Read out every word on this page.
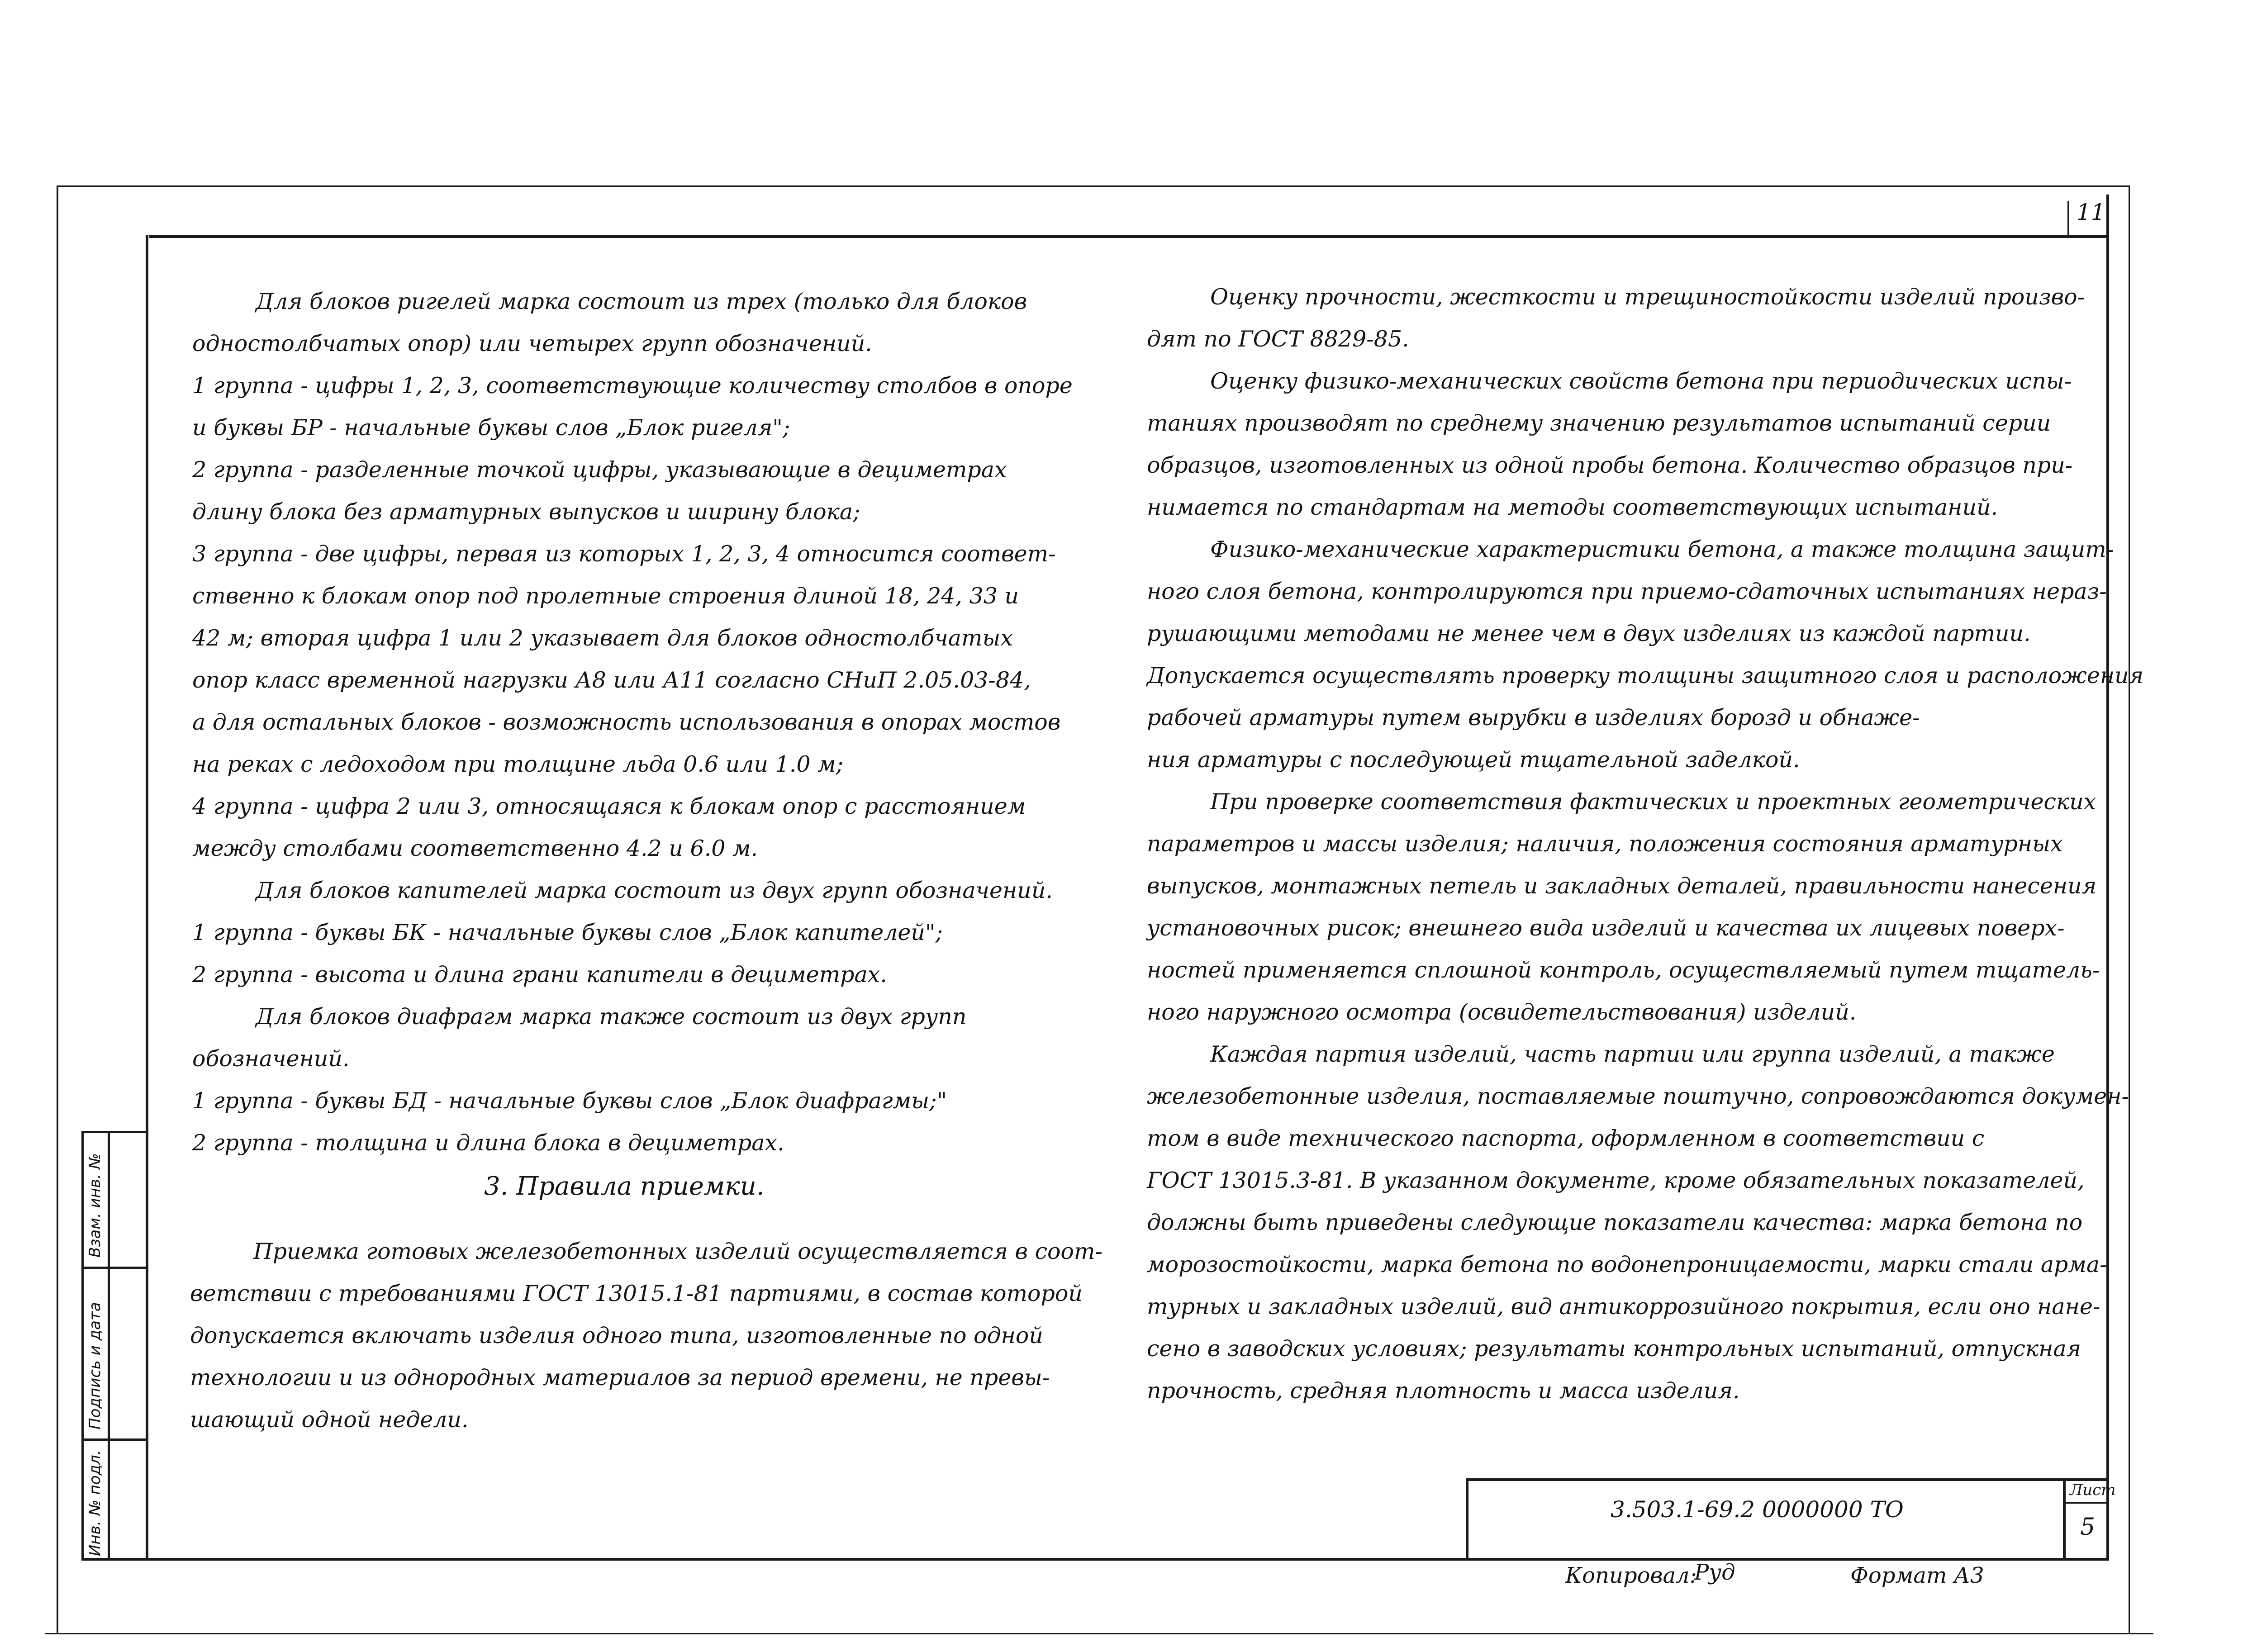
11
Для блоков ригелей марка состоит из трех (только для блоков
одностолбчатых опор) или четырех групп обозначений.
1 группа - цифры 1, 2, 3, соответствующие количеству столбов в опоре
и буквы БР - начальные буквы слов „Блок ригеля";
2 группа - разделенные точкой цифры, указывающие в дециметрах
длину блока без арматурных выпусков и ширину блока;
3 группа - две цифры, первая из которых 1, 2, 3, 4 относится соответ-
ственно к блокам опор под пролетные строения длиной 18, 24, 33 и
42 м; вторая цифра 1 или 2 указывает для блоков одностолбчатых
опор класс временной нагрузки А8 или А11 согласно СНиП 2.05.03-84,
а для остальных блоков - возможность использования в опорах мостов
на реках с ледоходом при толщине льда 0.6 или 1.0 м;
4 группа - цифра 2 или 3, относящаяся к блокам опор с расстоянием
между столбами соответственно 4.2 и 6.0 м.
Для блоков капителей марка состоит из двух групп обозначений.
1 группа - буквы БК - начальные буквы слов „Блок капителей";
2 группа - высота и длина грани капители в дециметрах.
Для блоков диафрагм марка также состоит из двух групп
обозначений.
1 группа - буквы БД - начальные буквы слов „Блок диафрагмы;"
2 группа - толщина и длина блока в дециметрах.
3. Правила приемки.
Приемка готовых железобетонных изделий осуществляется в соот-
ветствии с требованиями ГОСТ 13015.1-81 партиями, в состав которой
допускается включать изделия одного типа, изготовленные по одной
технологии и из однородных материалов за период времени, не превы-
шающий одной недели.
Оценку прочности, жесткости и трещиностойкости изделий произво-
дят по ГОСТ 8829-85.
Оценку физико-механических свойств бетона при периодических испы-
таниях производят по среднему значению результатов испытаний серии
образцов, изготовленных из одной пробы бетона. Количество образцов при-
нимается по стандартам на методы соответствующих испытаний.
Физико-механические характеристики бетона, а также толщина защит-
ного слоя бетона, контролируются при приемо-сдаточных испытаниях нераз-
рушающими методами не менее чем в двух изделиях из каждой партии.
Допускается осуществлять проверку толщины защитного слоя и расположения
рабочей арматуры путем вырубки в изделиях борозд и обнаже-
ния арматуры с последующей тщательной заделкой.
При проверке соответствия фактических и проектных геометрических
параметров и массы изделия; наличия, положения состояния арматурных
выпусков, монтажных петель и закладных деталей, правильности нанесения
установочных рисок; внешнего вида изделий и качества их лицевых поверх-
ностей применяется сплошной контроль, осуществляемый путем тщатель-
ного наружного осмотра (освидетельствования) изделий.
Каждая партия изделий, часть партии или группа изделий, а также
железобетонные изделия, поставляемые поштучно, сопровождаются докумен-
том в виде технического паспорта, оформленном в соответствии с
ГОСТ 13015.3-81. В указанном документе, кроме обязательных показателей,
должны быть приведены следующие показатели качества: марка бетона по
морозостойкости, марка бетона по водонепроницаемости, марки стали арма-
турных и закладных изделий, вид антикоррозийного покрытия, если оно нане-
сено в заводских условиях; результаты контрольных испытаний, отпускная
прочность, средняя плотность и масса изделия.
Взам. инв. №
Подпись и дата
Инв. № подл.	3.503.1-69.2 0000000 ТО
Лист
5
Копировал:
Руд	Формат А3
